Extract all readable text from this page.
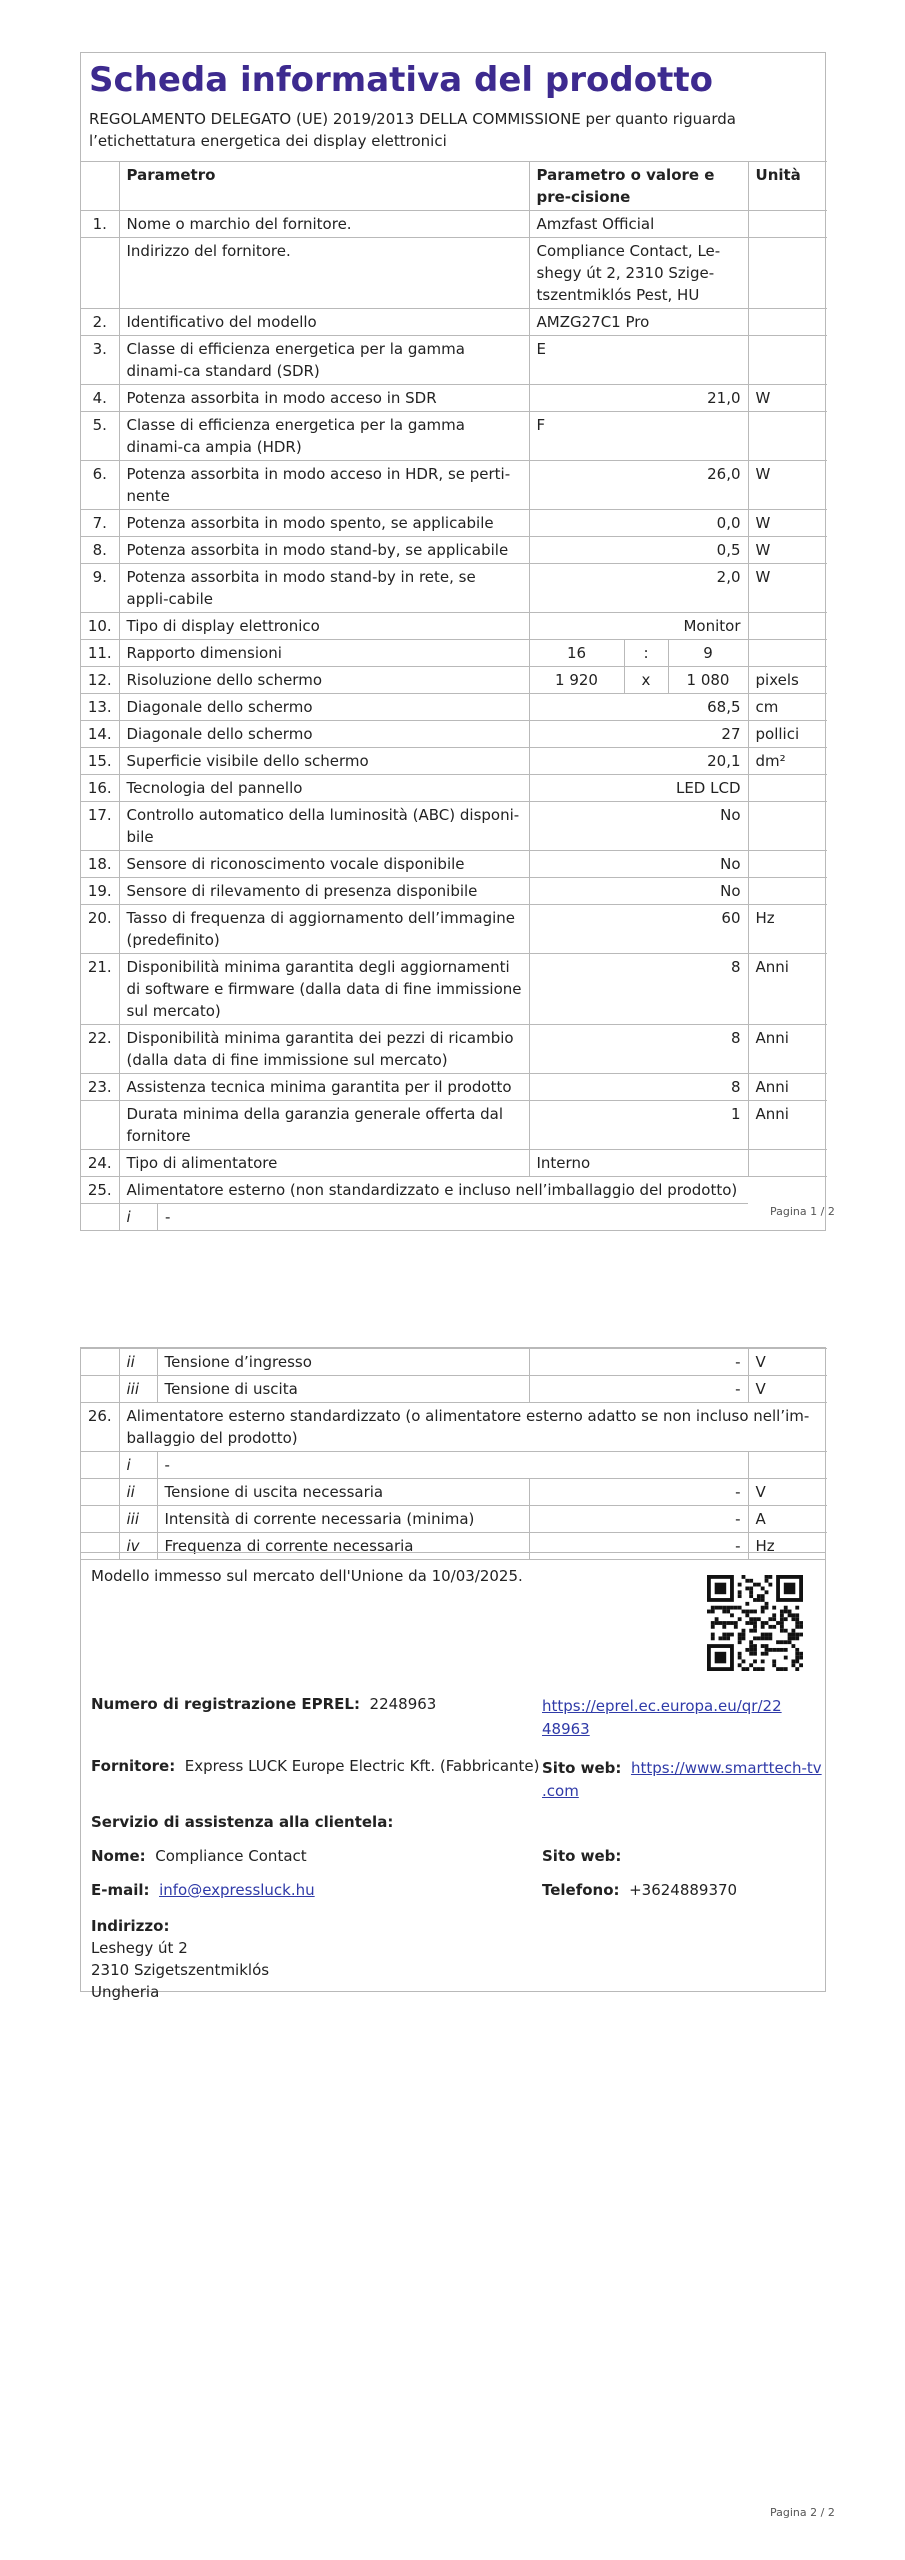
Scheda informativa del prodotto
REGOLAMENTO DELEGATO (UE) 2019/2013 DELLA COMMISSIONE per quanto riguarda l’etichettatura energetica dei display elettronici
	Parametro	Parametro o valore e pre-cisione	Unità
1.	Nome o marchio del fornitore.	Amzfast Official	
	Indirizzo del fornitore.	Compliance Contact, Le-shegy út 2, 2310 Szige-tszentmiklós Pest, HU	
2.	Identificativo del modello	AMZG27C1 Pro	
3.	Classe di efficienza energetica per la gamma dinami-ca standard (SDR)	E	
4.	Potenza assorbita in modo acceso in SDR	21,0	W
5.	Classe di efficienza energetica per la gamma dinami-ca ampia (HDR)	F	
6.	Potenza assorbita in modo acceso in HDR, se perti-nente	26,0	W
7.	Potenza assorbita in modo spento, se applicabile	0,0	W
8.	Potenza assorbita in modo stand-by, se applicabile	0,5	W
9.	Potenza assorbita in modo stand-by in rete, se appli-cabile	2,0	W
10.	Tipo di display elettronico	Monitor	
11.	Rapporto dimensioni	16	:	9	
12.	Risoluzione dello schermo	1 920	x	1 080	pixels
13.	Diagonale dello schermo	68,5	cm
14.	Diagonale dello schermo	27	pollici
15.	Superficie visibile dello schermo	20,1	dm²
16.	Tecnologia del pannello	LED LCD	
17.	Controllo automatico della luminosità (ABC) disponi-bile	No	
18.	Sensore di riconoscimento vocale disponibile	No	
19.	Sensore di rilevamento di presenza disponibile	No	
20.	Tasso di frequenza di aggiornamento dell’immagine (predefinito)	60	Hz
21.	Disponibilità minima garantita degli aggiornamenti di software e firmware (dalla data di fine immissione sul mercato)	8	Anni
22.	Disponibilità minima garantita dei pezzi di ricambio (dalla data di fine immissione sul mercato)	8	Anni
23.	Assistenza tecnica minima garantita per il prodotto	8	Anni
	Durata minima della garanzia generale offerta dal fornitore	1	Anni
24.	Tipo di alimentatore	Interno	
25.	Alimentatore esterno (non standardizzato e incluso nell’imballaggio del prodotto)

i	-	Pagina 1 / 2
	ii	Tensione d’ingresso	-	V
	iii	Tensione di uscita	-	V
26.	Alimentatore esterno standardizzato (o alimentatore esterno adatto se non incluso nell’im-ballaggio del prodotto)			
	i	-		
	ii	Tensione di uscita necessaria	-	V
	iii	Intensità di corrente necessaria (minima)	-	A
	iv	Frequenza di corrente necessaria	-	Hz
Modello immesso sul mercato dell'Unione da 10/03/2025.
Numero di registrazione EPREL: 2248963	https://eprel.ec.europa.eu/qr/22
48963
Fornitore: Express LUCK Europe Electric Kft. (Fabbricante) Sito web: https://www.smarttech-tv
.com
Servizio di assistenza alla clientela:
Nome: Compliance Contact	Sito web:
E-mail: info@expressluck.hu	Telefono: +3624889370
Indirizzo:
Leshegy út 2
2310 Szigetszentmiklós
Ungheria
Pagina 2 / 2
